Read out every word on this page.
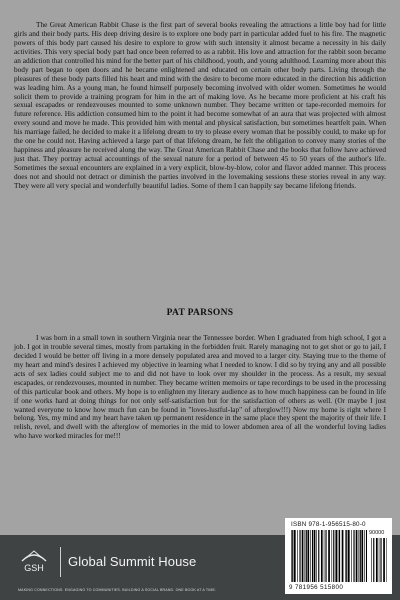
The Great American Rabbit Chase is the first part of several books revealing the attractions a little boy had for little girls and their body parts. His deep driving desire is to explore one body part in particular added fuel to his fire. The magnetic powers of this body part caused his desire to explore to grow with such intensity it almost became a necessity in his daily activities. This very special body part had once been referred to as a rabbit. His love and attraction for the rabbit soon became an addiction that controlled his mind for the better part of his childhood, youth, and young adulthood. Learning more about this body part began to open doors and he became enlightened and educated on certain other body parts. Living through the pleasures of these body parts filled his heart and mind with the desire to become more educated in the direction his addiction was leading him. As a young man, he found himself purposely becoming involved with older women. Sometimes he would solicit them to provide a training program for him in the art of making love. As he became more proficient at his craft his sexual escapades or rendezvouses mounted to some unknown number. They became written or tape-recorded memoirs for future reference. His addiction consumed him to the point it had become somewhat of an aura that was projected with almost every sound and move he made. This provided him with mental and physical satisfaction, but sometimes heartfelt pain. When his marriage failed, he decided to make it a lifelong dream to try to please every woman that he possibly could, to make up for the one he could not. Having achieved a large part of that lifelong dream, he felt the obligation to convey many stories of the happiness and pleasure he received along the way. The Great American Rabbit Chase and the books that follow have achieved just that. They portray actual accountings of the sexual nature for a period of between 45 to 50 years of the author's life. Sometimes the sexual encounters are explained in a very explicit, blow-by-blow, color and flavor added manner. This process does not and should not detract or diminish the parties involved in the lovemaking sessions these stories reveal in any way. They were all very special and wonderfully beautiful ladies. Some of them I can happily say became lifelong friends.

PAT PARSONS

I was born in a small town in southern Virginia near the Tennessee border. When I graduated from high school, I got a job. I got in trouble several times, mostly from partaking in the forbidden fruit. Rarely managing not to get shot or go to jail, I decided I would be better off living in a more densely populated area and moved to a larger city. Staying true to the theme of my heart and mind's desires I achieved my objective in learning what I needed to know. I did so by trying any and all possible acts of sex ladies could subject me to and did not have to look over my shoulder in the process. As a result, my sexual escapades, or rendezvouses, mounted in number. They became written memoirs or tape recordings to be used in the processing of this particular book and others. My hope is to enlighten my literary audience as to how much happiness can be found in life if one works hard at doing things for not only self-satisfaction but for the satisfaction of others as well. (Or maybe I just wanted everyone to know how much fun can be found in "loves-lustful-lap" of afterglow!!!) Now my home is right where I belong. Yes, my mind and my heart have taken up permanent residence in the same place they spent the majority of their life. I relish, revel, and dwell with the afterglow of memories in the mid to lower abdomen area of all the wonderful loving ladies who have worked miracles for me!!!

GSH Global Summit House
MAKING CONNECTIONS. ENGAGING TO COMMUNITIES. BUILDING A SOCIAL BRAND. ONE BOOK AT A TIME.
ISBN 978-1-956515-80-0
90000
9 781956 515800
